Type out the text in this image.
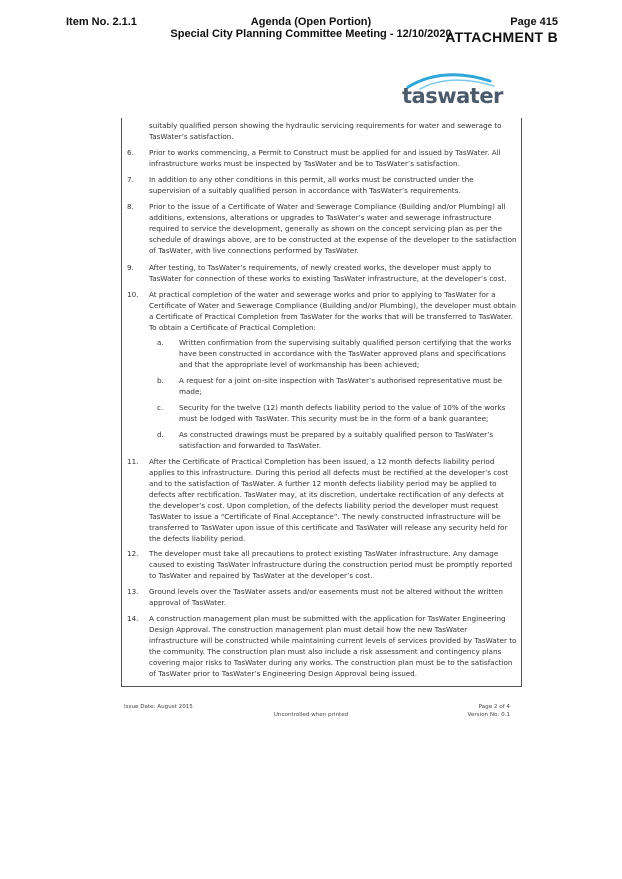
Item No. 2.1.1	Agenda (Open Portion)
Special City Planning Committee Meeting - 12/10/2020
Page 415
ATTACHMENT B
taswater
suitably qualified person showing the hydraulic servicing requirements for water and sewerage to TasWater’s satisfaction.
6. Prior to works commencing, a Permit to Construct must be applied for and issued by TasWater. All infrastructure works must be inspected by TasWater and be to TasWater’s satisfaction.
7. In addition to any other conditions in this permit, all works must be constructed under the supervision of a suitably qualified person in accordance with TasWater’s requirements.
8. Prior to the issue of a Certificate of Water and Sewerage Compliance (Building and/or Plumbing) all additions, extensions, alterations or upgrades to TasWater’s water and sewerage infrastructure required to service the development, generally as shown on the concept servicing plan as per the schedule of drawings above, are to be constructed at the expense of the developer to the satisfaction of TasWater, with live connections performed by TasWater.
9. After testing, to TasWater’s requirements, of newly created works, the developer must apply to TasWater for connection of these works to existing TasWater infrastructure, at the developer’s cost.
10. At practical completion of the water and sewerage works and prior to applying to TasWater for a Certificate of Water and Sewerage Compliance (Building and/or Plumbing), the developer must obtain a Certificate of Practical Completion from TasWater for the works that will be transferred to TasWater. To obtain a Certificate of Practical Completion:
a. Written confirmation from the supervising suitably qualified person certifying that the works have been constructed in accordance with the TasWater approved plans and specifications and that the appropriate level of workmanship has been achieved;
b. A request for a joint on-site inspection with TasWater’s authorised representative must be made;
c. Security for the twelve (12) month defects liability period to the value of 10% of the works must be lodged with TasWater. This security must be in the form of a bank guarantee;
d. As constructed drawings must be prepared by a suitably qualified person to TasWater’s satisfaction and forwarded to TasWater.
11. After the Certificate of Practical Completion has been issued, a 12 month defects liability period applies to this infrastructure. During this period all defects must be rectified at the developer’s cost and to the satisfaction of TasWater. A further 12 month defects liability period may be applied to defects after rectification. TasWater may, at its discretion, undertake rectification of any defects at the developer’s cost. Upon completion, of the defects liability period the developer must request TasWater to issue a “Certificate of Final Acceptance”. The newly constructed infrastructure will be transferred to TasWater upon issue of this certificate and TasWater will release any security held for the defects liability period.
12. The developer must take all precautions to protect existing TasWater infrastructure. Any damage caused to existing TasWater infrastructure during the construction period must be promptly reported to TasWater and repaired by TasWater at the developer’s cost.
13. Ground levels over the TasWater assets and/or easements must not be altered without the written approval of TasWater.
14. A construction management plan must be submitted with the application for TasWater Engineering Design Approval. The construction management plan must detail how the new TasWater infrastructure will be constructed while maintaining current levels of services provided by TasWater to the community. The construction plan must also include a risk assessment and contingency plans covering major risks to TasWater during any works. The construction plan must be to the satisfaction of TasWater prior to TasWater’s Engineering Design Approval being issued.
Issue Date: August 2015
Uncontrolled when printed
Page 2 of 4
Version No: 0.1
